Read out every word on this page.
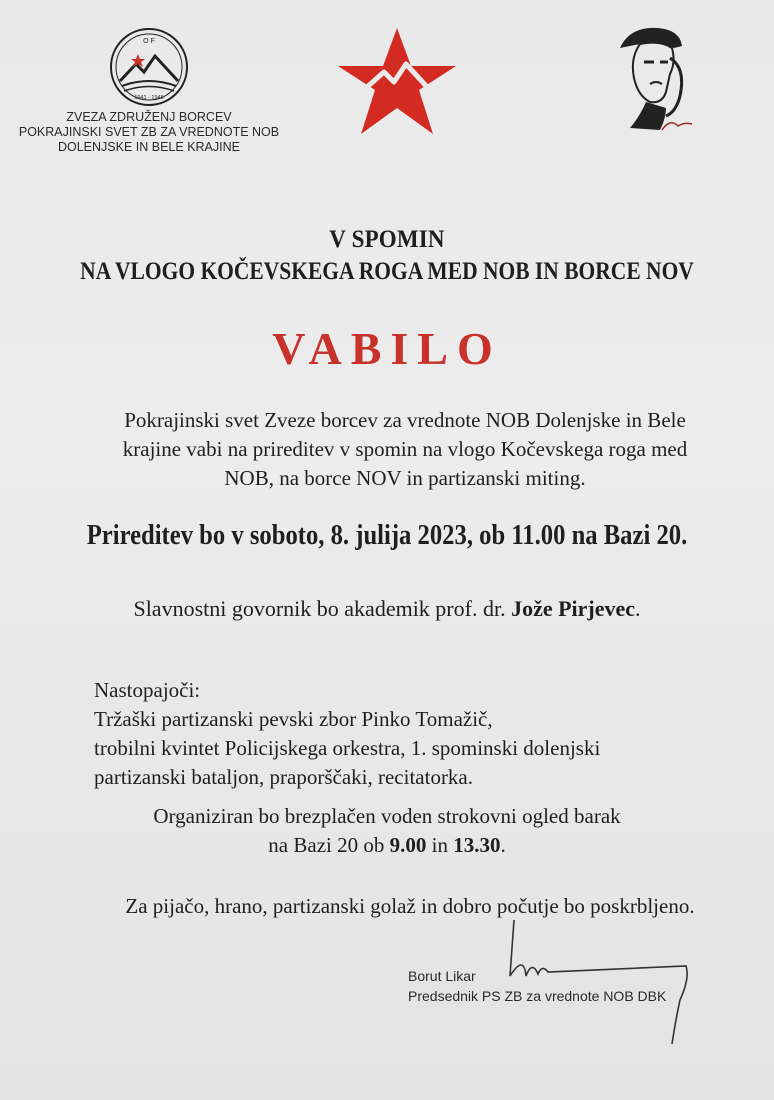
O F
1941 - 1945
ZVEZA ZDRUŽENJ BORCEV
POKRAJINSKI SVET ZB ZA VREDNOTE NOB
DOLENJSKE IN BELE KRAJINE
V SPOMIN
NA VLOGO KOČEVSKEGA ROGA MED NOB IN BORCE NOV
VABILO
Pokrajinski svet Zveze borcev za vrednote NOB Dolenjske in Bele
krajine vabi na prireditev v spomin na vlogo Kočevskega roga med
NOB, na borce NOV in partizanski miting.
Prireditev bo v soboto, 8. julija 2023, ob 11.00 na Bazi 20.
Slavnostni govornik bo akademik prof. dr. Jože Pirjevec.
Nastopajoči:
Tržaški partizanski pevski zbor Pinko Tomažič,
trobilni kvintet Policijskega orkestra, 1. spominski dolenjski
partizanski bataljon, praporščaki, recitatorka.
Organiziran bo brezplačen voden strokovni ogled barak
na Bazi 20 ob 9.00 in 13.30.
Za pijačo, hrano, partizanski golaž in dobro počutje bo poskrbljeno.
Borut Likar
Predsednik PS ZB za vrednote NOB DBK
